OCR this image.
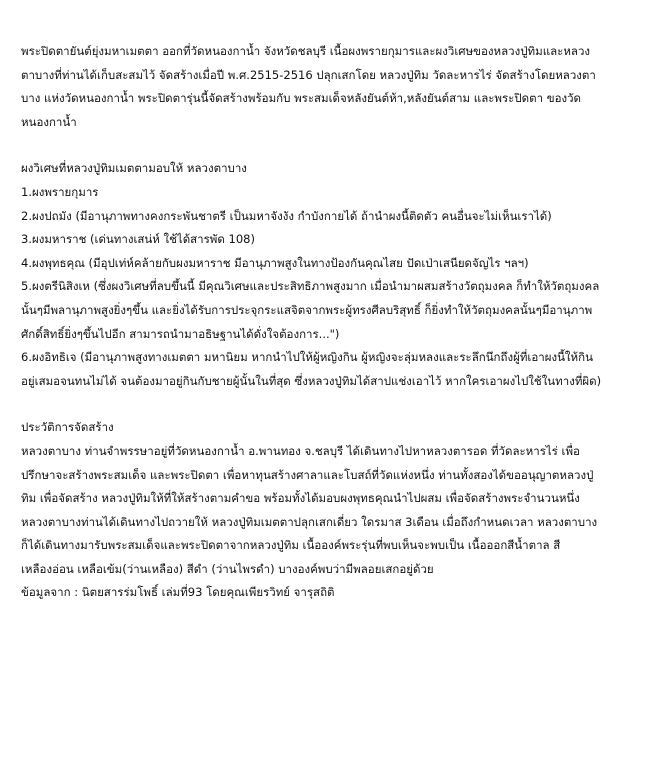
พระปิดตายันต์ยุ่งมหาเมตตา ออกที่วัดหนองกาน้ำ จังหวัดชลบุรี เนื้อผงพรายกุมารและผงวิเศษของหลวงปู่ทิมและหลวง

ตาบางที่ท่านได้เก็บสะสมไว้ จัดสร้างเมื่อปี พ.ศ.2515-2516 ปลุกเสกโดย หลวงปู่ทิม วัดละหารไร่ จัดสร้างโดยหลวงตา

บาง แห่งวัดหนองกาน้ำ พระปิดตารุ่นนี้จัดสร้างพร้อมกับ พระสมเด็จหลังยันต์ห้า,หลังยันต์สาม และพระปิดตา ของวัด

หนองกาน้ำ

ผงวิเศษที่หลวงปู่ทิมเมตตามอบให้ หลวงตาบาง

1.ผงพรายกุมาร

2.ผงปถมัง (มีอานุภาพทางคงกระพันชาตรี เป็นมหาจังงัง กำบังกายได้ ถ้านำผงนี้ติดตัว คนอื่นจะไม่เห็นเราได้)

3.ผงมหาราช (เด่นทางเสน่ห์ ใช้ได้สารพัด 108)

4.ผงพุทธคุณ (มีอุปเท่ห์คล้ายกับผงมหาราช มีอานุภาพสูงในทางป้องกันคุณไสย ปัดเป่าเสนียดจัญไร ฯลฯ)

5.ผงตรีนิสิงเห (ซึ่งผงวิเศษที่ลบขึ้นนี้ มีคุณวิเศษและประสิทธิภาพสูงมาก เมื่อนำมาผสมสร้างวัตถุมงคล ก็ทำให้วัตถุมงคล

นั้นๆมีพลานุภาพสูงยิ่งๆขึ้น และยิ่งได้รับการประจุกระแสจิตจากพระผู้ทรงศีลบริสุทธิ์ ก็ยิ่งทำให้วัตถุมงคลนั้นๆมีอานุภาพ

ศักดิ์สิทธิ์ยิ่งๆขึ้นไปอีก สามารถนำมาอธิษฐานได้ดั่งใจต้องการ...")

6.ผงอิทธิเจ (มีอานุภาพสูงทางเมตตา มหานิยม หากนำไปให้ผู้หญิงกิน ผู้หญิงจะลุ่มหลงและระลึกนึกถึงผู้ที่เอาผงนี้ให้กิน

อยู่เสมอจนทนไม่ได้ จนต้องมาอยู่กินกับชายผู้นั้นในที่สุด ซึ่งหลวงปู่ทิมได้สาปแช่งเอาไว้ หากใครเอาผงไปใช้ในทางที่ผิด)

ประวัติการจัดสร้าง

หลวงตาบาง ท่านจำพรรษาอยู่ที่วัดหนองกาน้ำ อ.พานทอง จ.ชลบุรี ได้เดินทางไปหาหลวงตารอด ที่วัดละหารไร่ เพื่อ

ปรึกษาจะสร้างพระสมเด็จ และพระปิดตา เพื่อหาทุนสร้างศาลาและโบสถ์ที่วัดแห่งหนึ่ง ท่านทั้งสองได้ขออนุญาตหลวงปู่

ทิม เพื่อจัดสร้าง หลวงปู่ทิมให้ที่ให้สร้างตามคำขอ พร้อมทั้งได้มอบผงพุทธคุณนำไปผสม เพื่อจัดสร้างพระจำนวนหนึ่ง

หลวงตาบางท่านได้เดินทางไปถวายให้ หลวงปู่ทิมเมตตาปลุกเสกเดี่ยว ใดรมาส 3เดือน เมื่อถึงกำหนดเวลา หลวงตาบาง

ก็ได้เดินทางมารับพระสมเด็จและพระปิดตาจากหลวงปู่ทิม เนื้อองค์พระรุ่นที่พบเห็นจะพบเป็น เนื้อออกสีน้ำตาล สี

เหลืองอ่อน เหลือเข้ม(ว่านเหลือง) สีดำ (ว่านไพรดำ) บางองค์พบว่ามีพลอยเสกอยู่ด้วย

ข้อมูลจาก : นิตยสารร่มโพธิ์ เล่มที่93 โดยคุณเพียรวิทย์ จารุสถิติ
